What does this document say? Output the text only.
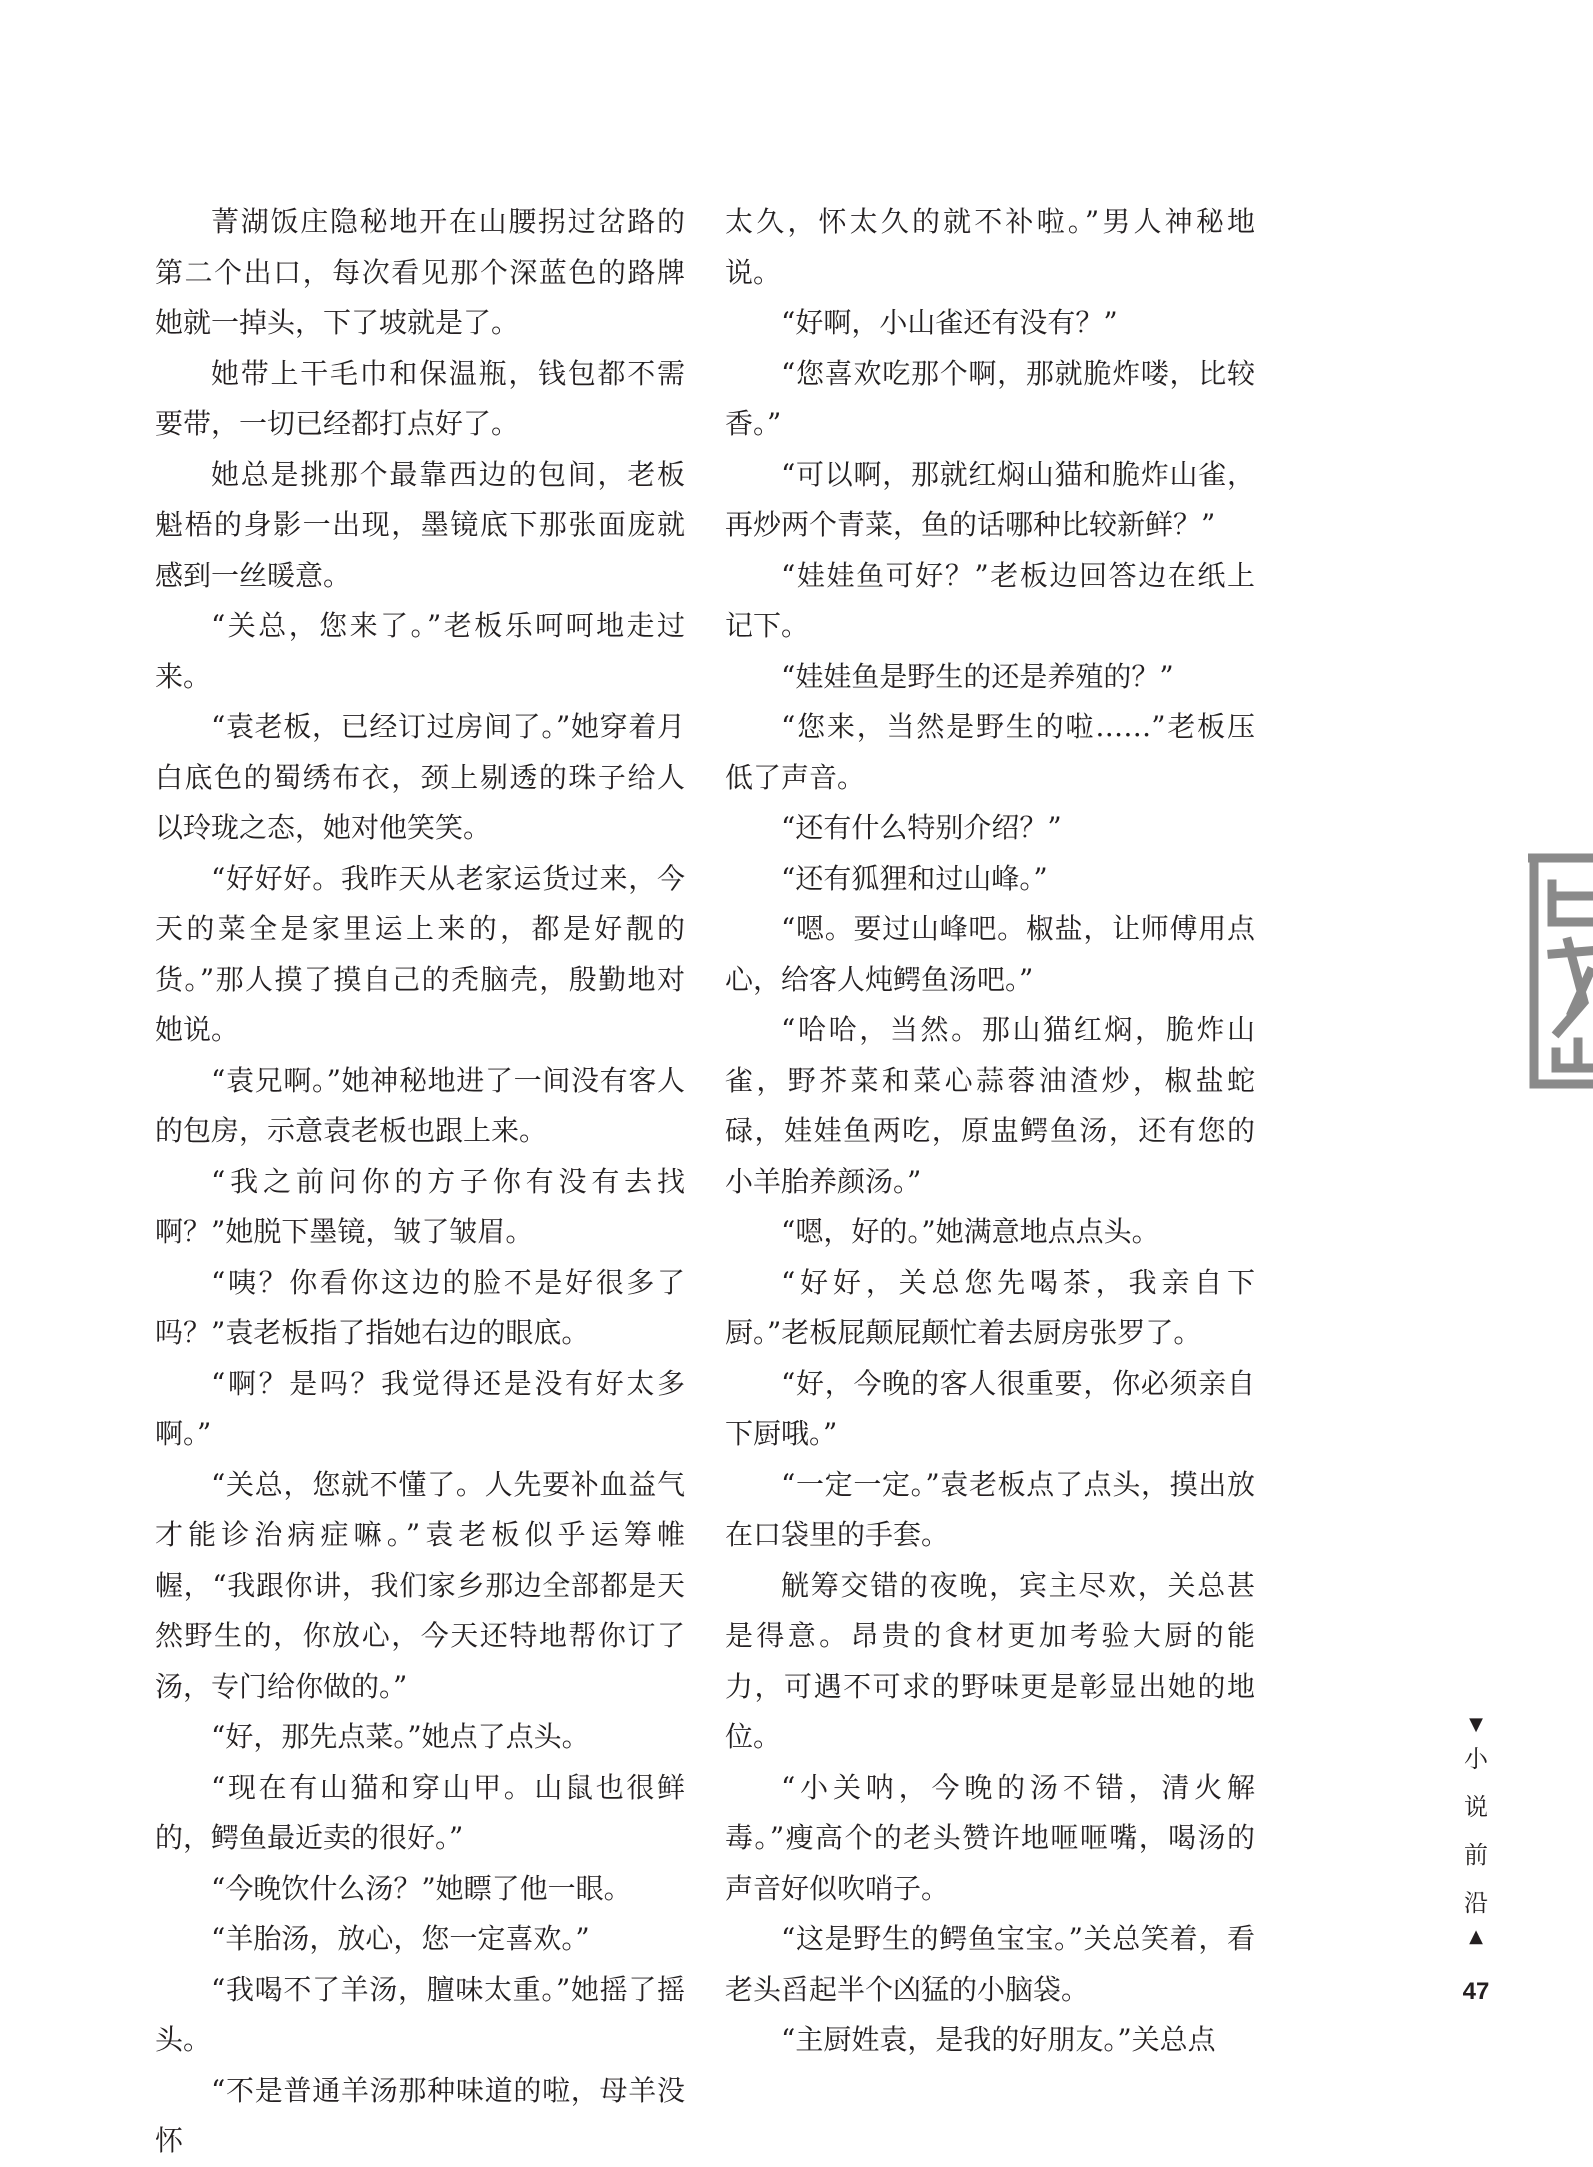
菁湖饭庄隐秘地开在山腰拐过岔路的第二个出口，每次看见那个深蓝色的路牌她就一掉头，下了坡就是了。

她带上干毛巾和保温瓶，钱包都不需要带，一切已经都打点好了。

她总是挑那个最靠西边的包间，老板魁梧的身影一出现，墨镜底下那张面庞就感到一丝暖意。

“关总，您来了。”老板乐呵呵地走过来。

“袁老板，已经订过房间了。”她穿着月白底色的蜀绣布衣，颈上剔透的珠子给人以玲珑之态，她对他笑笑。

“好好好。我昨天从老家运货过来，今天的菜全是家里运上来的，都是好靓的货。”那人摸了摸自己的秃脑壳，殷勤地对她说。

“袁兄啊。”她神秘地进了一间没有客人的包房，示意袁老板也跟上来。

“我之前问你的方子你有没有去找啊？”她脱下墨镜，皱了皱眉。

“咦？你看你这边的脸不是好很多了吗？”袁老板指了指她右边的眼底。

“啊？是吗？我觉得还是没有好太多啊。”

“关总，您就不懂了。人先要补血益气才能诊治病症嘛。”袁老板似乎运筹帷幄，“我跟你讲，我们家乡那边全部都是天然野生的，你放心，今天还特地帮你订了汤，专门给你做的。”

“好，那先点菜。”她点了点头。

“现在有山猫和穿山甲。山鼠也很鲜的，鳄鱼最近卖的很好。”

“今晚饮什么汤？”她瞟了他一眼。

“羊胎汤，放心，您一定喜欢。”

“我喝不了羊汤，膻味太重。”她摇了摇头。

“不是普通羊汤那种味道的啦，母羊没怀

太久，怀太久的就不补啦。”男人神秘地说。

“好啊，小山雀还有没有？”

“您喜欢吃那个啊，那就脆炸喽，比较香。”

“可以啊，那就红焖山猫和脆炸山雀，再炒两个青菜，鱼的话哪种比较新鲜？”

“娃娃鱼可好？”老板边回答边在纸上记下。

“娃娃鱼是野生的还是养殖的？”

“您来，当然是野生的啦……”老板压低了声音。

“还有什么特别介绍？”

“还有狐狸和过山峰。”

“嗯。要过山峰吧。椒盐，让师傅用点心，给客人炖鳄鱼汤吧。”

“哈哈，当然。那山猫红焖，脆炸山雀，野芥菜和菜心蒜蓉油渣炒，椒盐蛇碌，娃娃鱼两吃，原盅鳄鱼汤，还有您的小羊胎养颜汤。”

“嗯，好的。”她满意地点点头。

“好好，关总您先喝茶，我亲自下厨。”老板屁颠屁颠忙着去厨房张罗了。

“好，今晚的客人很重要，你必须亲自下厨哦。”

“一定一定。”袁老板点了点头，摸出放在口袋里的手套。

觥筹交错的夜晚，宾主尽欢，关总甚是得意。昂贵的食材更加考验大厨的能力，可遇不可求的野味更是彰显出她的地位。

“小关呐，今晚的汤不错，清火解毒。”瘦高个的老头赞许地咂咂嘴，喝汤的声音好似吹哨子。

“这是野生的鳄鱼宝宝。”关总笑着，看老头舀起半个凶猛的小脑袋。

“主厨姓袁，是我的好朋友。”关总点

▼
小
说
前
沿
▲
47
